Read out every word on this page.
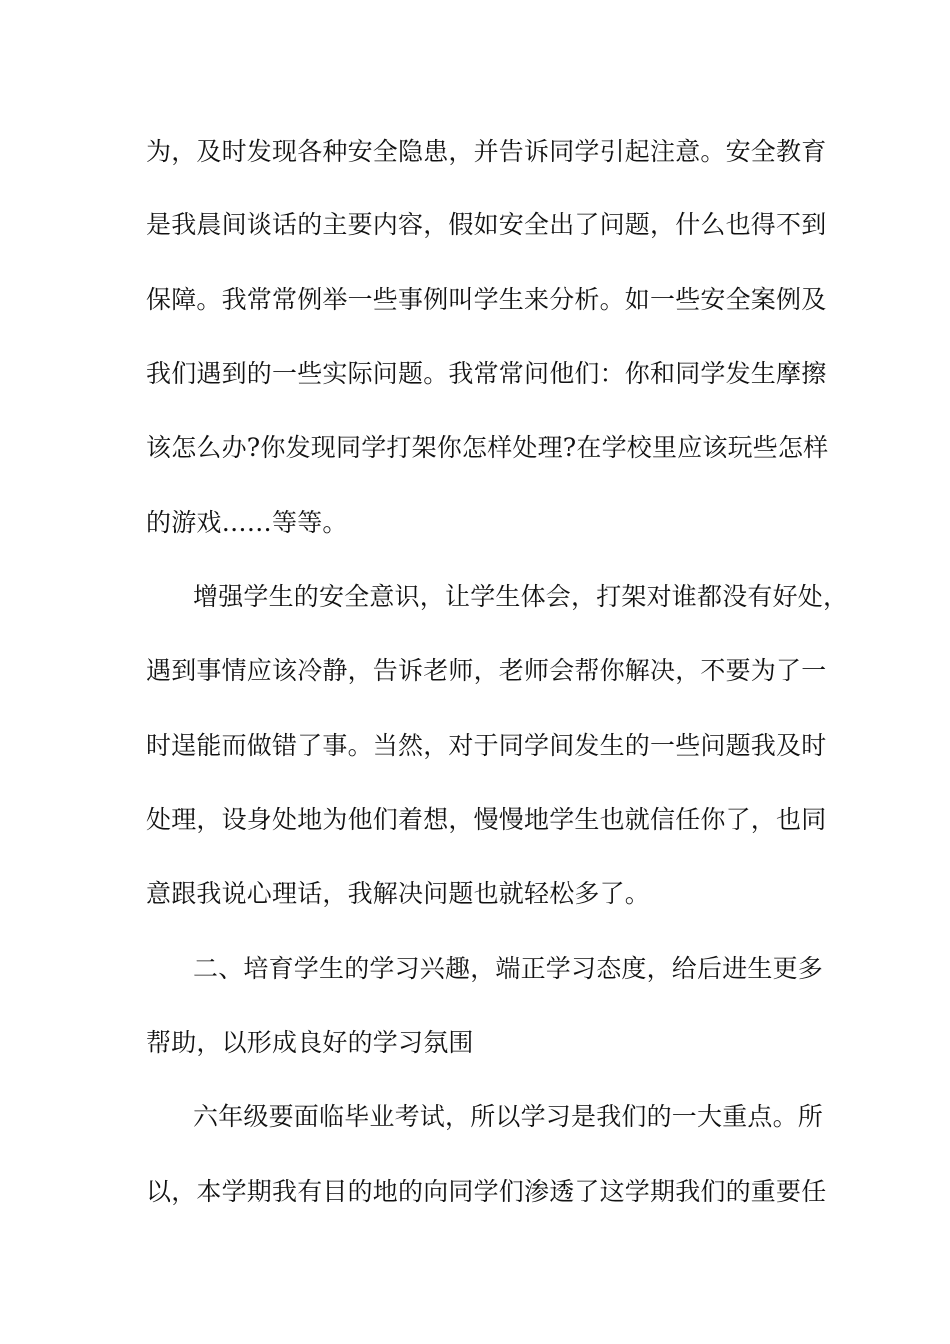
为，及时发现各种安全隐患，并告诉同学引起注意。安全教育
是我晨间谈话的主要内容，假如安全出了问题，什么也得不到
保障。我常常例举一些事例叫学生来分析。如一些安全案例及
我们遇到的一些实际问题。我常常问他们：你和同学发生摩擦
该怎么办?你发现同学打架你怎样处理?在学校里应该玩些怎样
的游戏……等等。
增强学生的安全意识，让学生体会，打架对谁都没有好处，
遇到事情应该冷静，告诉老师，老师会帮你解决，不要为了一
时逞能而做错了事。当然，对于同学间发生的一些问题我及时
处理，设身处地为他们着想，慢慢地学生也就信任你了，也同
意跟我说心理话，我解决问题也就轻松多了。
二、培育学生的学习兴趣，端正学习态度，给后进生更多
帮助，以形成良好的学习氛围
六年级要面临毕业考试，所以学习是我们的一大重点。所
以，本学期我有目的地的向同学们渗透了这学期我们的重要任
